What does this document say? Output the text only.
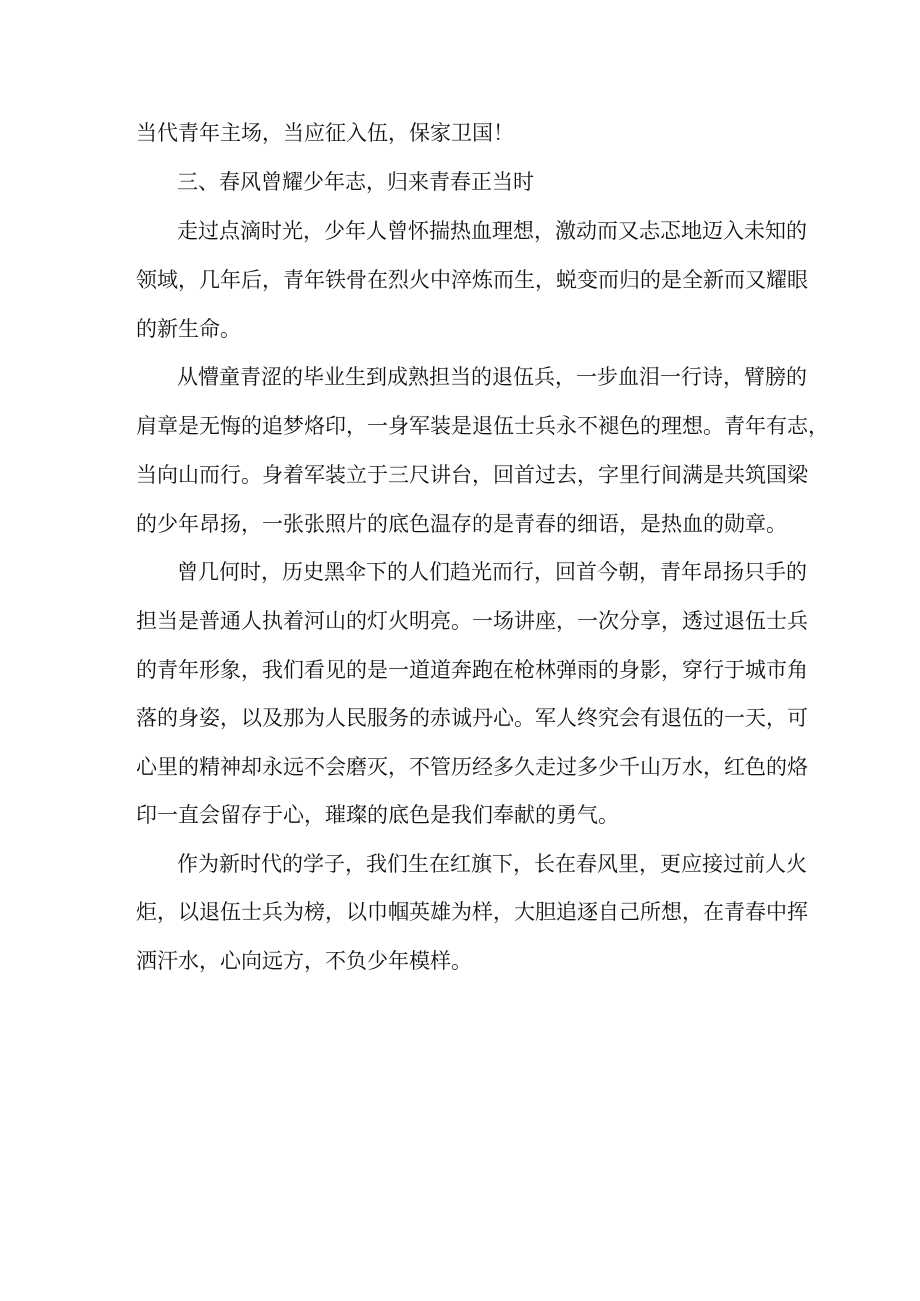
当代青年主场，当应征入伍，保家卫国！
三、春风曾耀少年志，归来青春正当时
走过点滴时光，少年人曾怀揣热血理想，激动而又忐忑地迈入未知的
领域，几年后，青年铁骨在烈火中淬炼而生，蜕变而归的是全新而又耀眼
的新生命。
从懵童青涩的毕业生到成熟担当的退伍兵，一步血泪一行诗，臂膀的
肩章是无悔的追梦烙印，一身军装是退伍士兵永不褪色的理想。青年有志，
当向山而行。身着军装立于三尺讲台，回首过去，字里行间满是共筑国梁
的少年昂扬，一张张照片的底色温存的是青春的细语，是热血的勋章。
曾几何时，历史黑伞下的人们趋光而行，回首今朝，青年昂扬只手的
担当是普通人执着河山的灯火明亮。一场讲座，一次分享，透过退伍士兵
的青年形象，我们看见的是一道道奔跑在枪林弹雨的身影，穿行于城市角
落的身姿，以及那为人民服务的赤诚丹心。军人终究会有退伍的一天，可
心里的精神却永远不会磨灭，不管历经多久走过多少千山万水，红色的烙
印一直会留存于心，璀璨的底色是我们奉献的勇气。
作为新时代的学子，我们生在红旗下，长在春风里，更应接过前人火
炬，以退伍士兵为榜，以巾帼英雄为样，大胆追逐自己所想，在青春中挥
洒汗水，心向远方，不负少年模样。
